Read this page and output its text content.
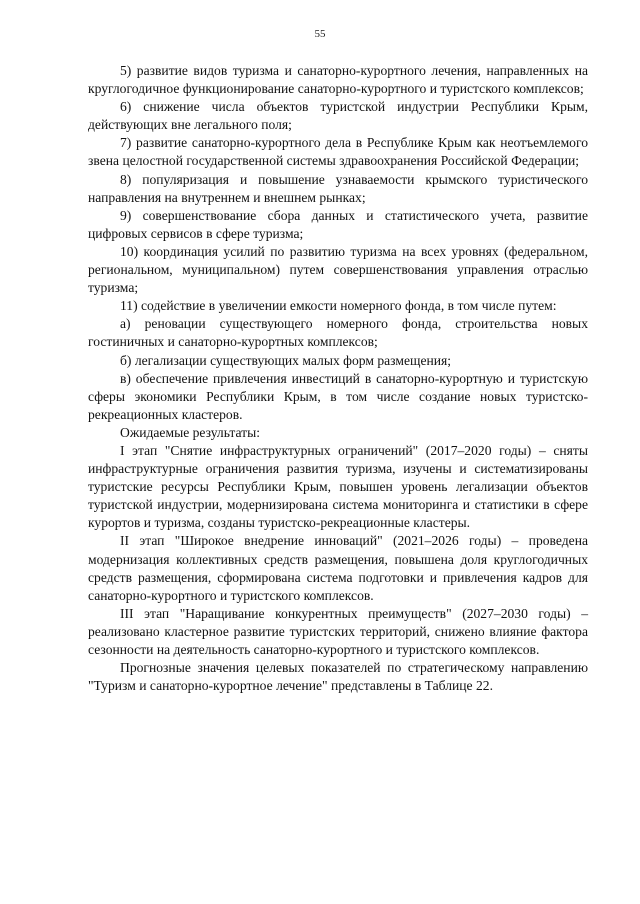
55

5) развитие видов туризма и санаторно-курортного лечения, направленных на круглогодичное функционирование санаторно-курортного и туристского комплексов;

6) снижение числа объектов туристской индустрии Республики Крым, действующих вне легального поля;

7) развитие санаторно-курортного дела в Республике Крым как неотъемлемого звена целостной государственной системы здравоохранения Российской Федерации;

8) популяризация и повышение узнаваемости крымского туристического направления на внутреннем и внешнем рынках;

9) совершенствование сбора данных и статистического учета, развитие цифровых сервисов в сфере туризма;

10) координация усилий по развитию туризма на всех уровнях (федеральном, региональном, муниципальном) путем совершенствования управления отраслью туризма;

11) содействие в увеличении емкости номерного фонда, в том числе путем:

а) реновации существующего номерного фонда, строительства новых гостиничных и санаторно-курортных комплексов;

б) легализации существующих малых форм размещения;

в) обеспечение привлечения инвестиций в санаторно-курортную и туристскую сферы экономики Республики Крым, в том числе создание новых туристско-рекреационных кластеров.

Ожидаемые результаты:

I этап "Снятие инфраструктурных ограничений" (2017–2020 годы) – сняты инфраструктурные ограничения развития туризма, изучены и систематизированы туристские ресурсы Республики Крым, повышен уровень легализации объектов туристской индустрии, модернизирована система мониторинга и статистики в сфере курортов и туризма, созданы туристско-рекреационные кластеры.

II этап "Широкое внедрение инноваций" (2021–2026 годы) – проведена модернизация коллективных средств размещения, повышена доля круглогодичных средств размещения, сформирована система подготовки и привлечения кадров для санаторно-курортного и туристского комплексов.

III этап "Наращивание конкурентных преимуществ" (2027–2030 годы) – реализовано кластерное развитие туристских территорий, снижено влияние фактора сезонности на деятельность санаторно-курортного и туристского комплексов.

Прогнозные значения целевых показателей по стратегическому направлению "Туризм и санаторно-курортное лечение" представлены в Таблице 22.
